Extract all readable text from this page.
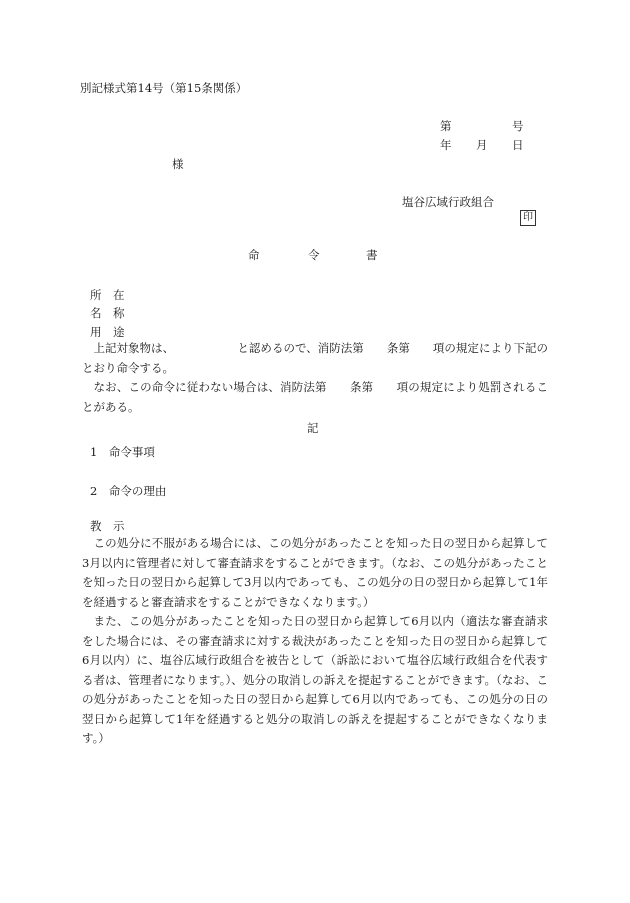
別記様式第14号（第15条関係）
第	号
年 月 日
様
塩谷広域行政組合
印
命	令	書
所　在
名　称
用　途

上記対象物は、　　　　　　と認めるので、消防法第　　条第　　項の規定により下記のとおり命令する。

なお、この命令に従わない場合は、消防法第　　条第　　項の規定により処罰されることがある。

記
1　命令事項
2　命令の理由
教　示

この処分に不服がある場合には、この処分があったことを知った日の翌日から起算して3月以内に管理者に対して審査請求をすることができます。（なお、この処分があったことを知った日の翌日から起算して3月以内であっても、この処分の日の翌日から起算して1年を経過すると審査請求をすることができなくなります。）

また、この処分があったことを知った日の翌日から起算して6月以内（適法な審査請求をした場合には、その審査請求に対する裁決があったことを知った日の翌日から起算して6月以内）に、塩谷広域行政組合を被告として（訴訟において塩谷広域行政組合を代表する者は、管理者になります。）、処分の取消しの訴えを提起することができます。（なお、この処分があったことを知った日の翌日から起算して6月以内であっても、この処分の日の翌日から起算して1年を経過すると処分の取消しの訴えを提起することができなくなります。）
